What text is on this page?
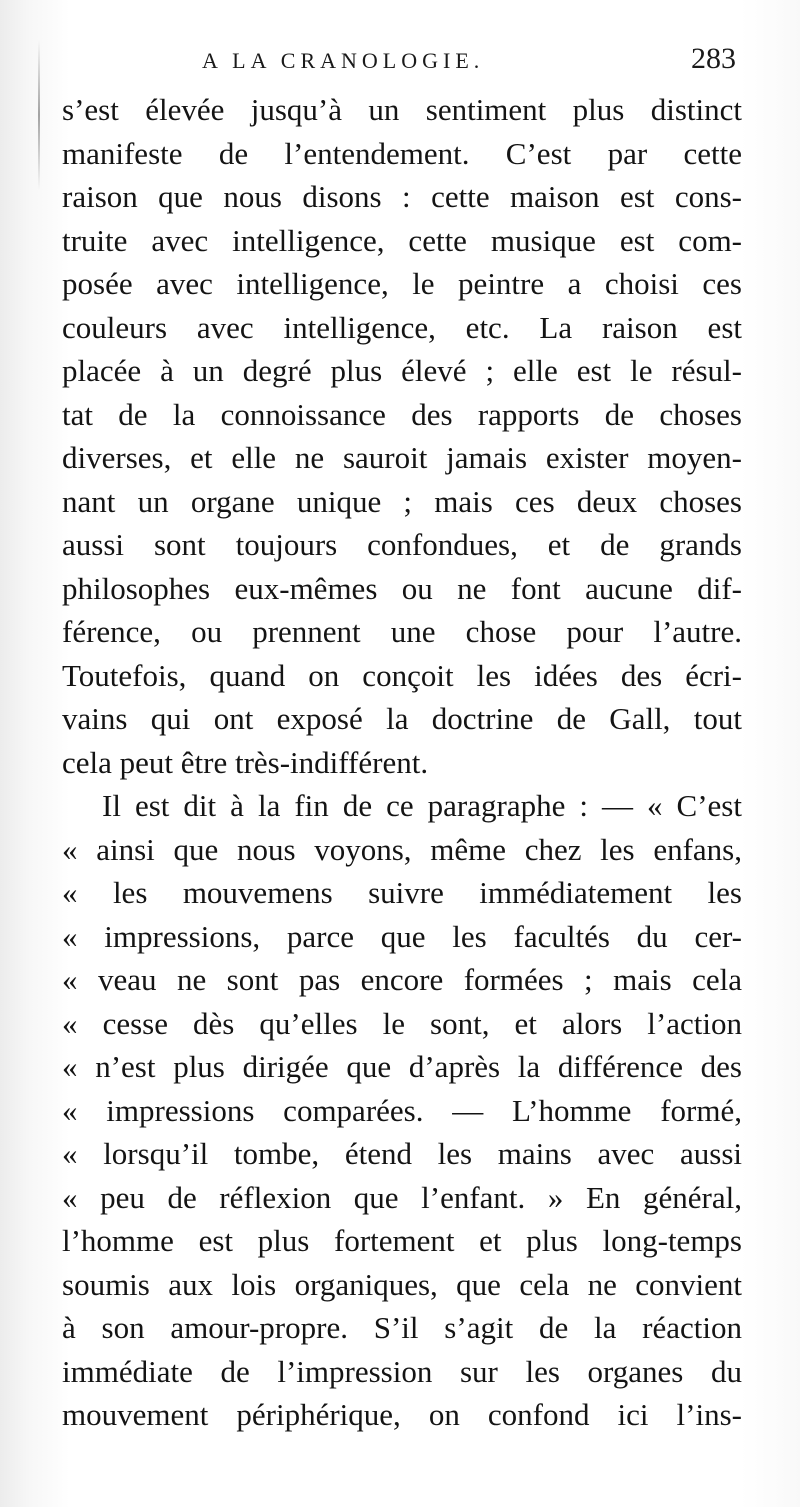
A LA CRANOLOGIE.	283
s’est élevée jusqu’à un sentiment plus distinct
manifeste de l’entendement. C’est par cette
raison que nous disons : cette maison est cons-
truite avec intelligence, cette musique est com-
posée avec intelligence, le peintre a choisi ces
couleurs avec intelligence, etc. La raison est
placée à un degré plus élevé ; elle est le résul-
tat de la connoissance des rapports de choses
diverses, et elle ne sauroit jamais exister moyen-
nant un organe unique ; mais ces deux choses
aussi sont toujours confondues, et de grands
philosophes eux-mêmes ou ne font aucune dif-
férence, ou prennent une chose pour l’autre.
Toutefois, quand on conçoit les idées des écri-
vains qui ont exposé la doctrine de Gall, tout
cela peut être très-indifférent.
Il est dit à la fin de ce paragraphe : — « C’est
« ainsi que nous voyons, même chez les enfans,
« les mouvemens suivre immédiatement les
« impressions, parce que les facultés du cer-
« veau ne sont pas encore formées ; mais cela
« cesse dès qu’elles le sont, et alors l’action
« n’est plus dirigée que d’après la différence des
« impressions comparées. — L’homme formé,
« lorsqu’il tombe, étend les mains avec aussi
« peu de réflexion que l’enfant. » En général,
l’homme est plus fortement et plus long-temps
soumis aux lois organiques, que cela ne convient
à son amour-propre. S’il s’agit de la réaction
immédiate de l’impression sur les organes du
mouvement périphérique, on confond ici l’ins-
